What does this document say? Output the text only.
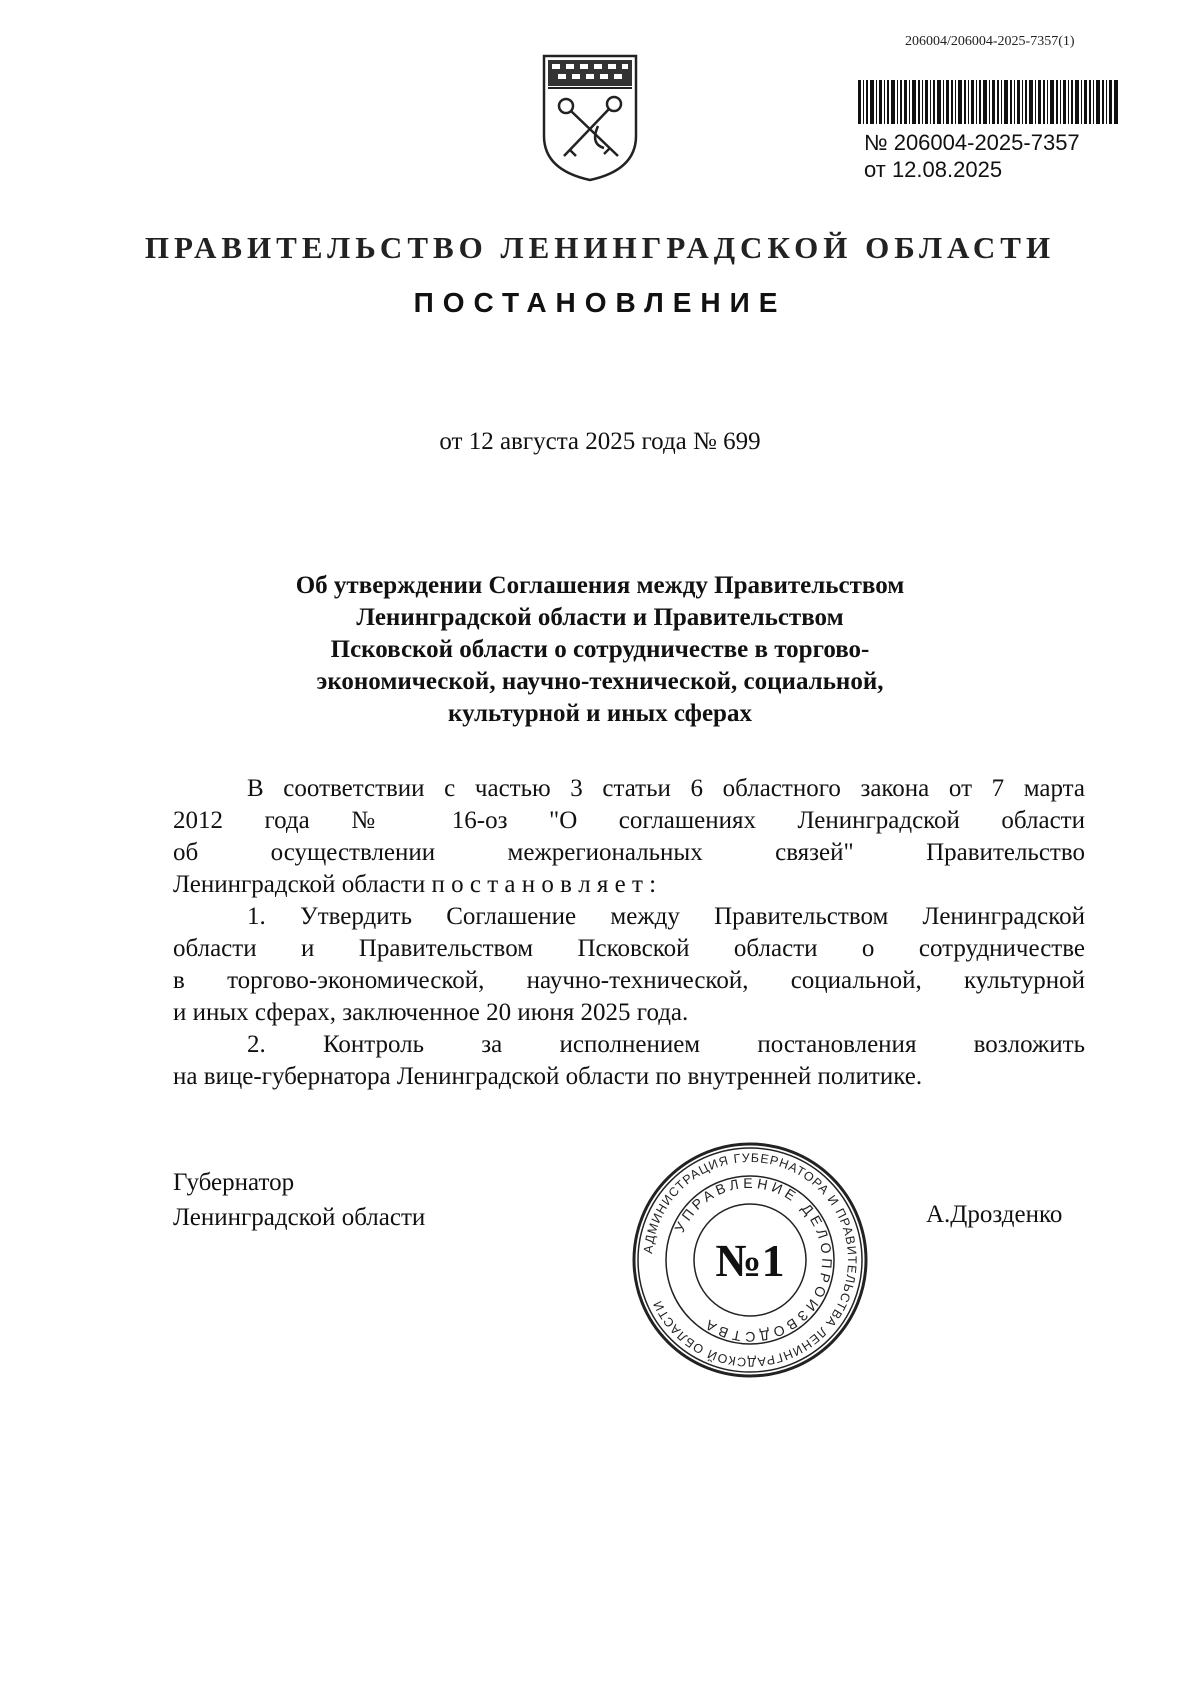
206004/206004-2025-7357(1)
№ 206004-2025-7357
от 12.08.2025
ПРАВИТЕЛЬСТВО ЛЕНИНГРАДСКОЙ ОБЛАСТИ
ПОСТАНОВЛЕНИЕ
от 12 августа 2025 года № 699
Об утверждении Соглашения между Правительством
Ленинградской области и Правительством
Псковской области о сотрудничестве в торгово-
экономической, научно-технической, социальной,
культурной и иных сферах
В соответствии с частью 3 статьи 6 областного закона от 7 марта
2012 года № 16-оз "О соглашениях Ленинградской области
об осуществлении межрегиональных связей" Правительство
Ленинградской области п о с т а н о в л я е т :
1. Утвердить Соглашение между Правительством Ленинградской
области и Правительством Псковской области о сотрудничестве
в торгово-экономической, научно-технической, социальной, культурной
и иных сферах, заключенное 20 июня 2025 года.
2. Контроль за исполнением постановления возложить
на вице-губернатора Ленинградской области по внутренней политике.
Губернатор
Ленинградской области	А.Дрозденко
АДМИНИСТРАЦИЯ ГУБЕРНАТОРА И ПРАВИТЕЛЬСТВА ЛЕНИНГРАДСКОЙ ОБЛАСТИ
УПРАВЛЕНИЕ ДЕЛОПРОИЗВОДСТВА
№1
